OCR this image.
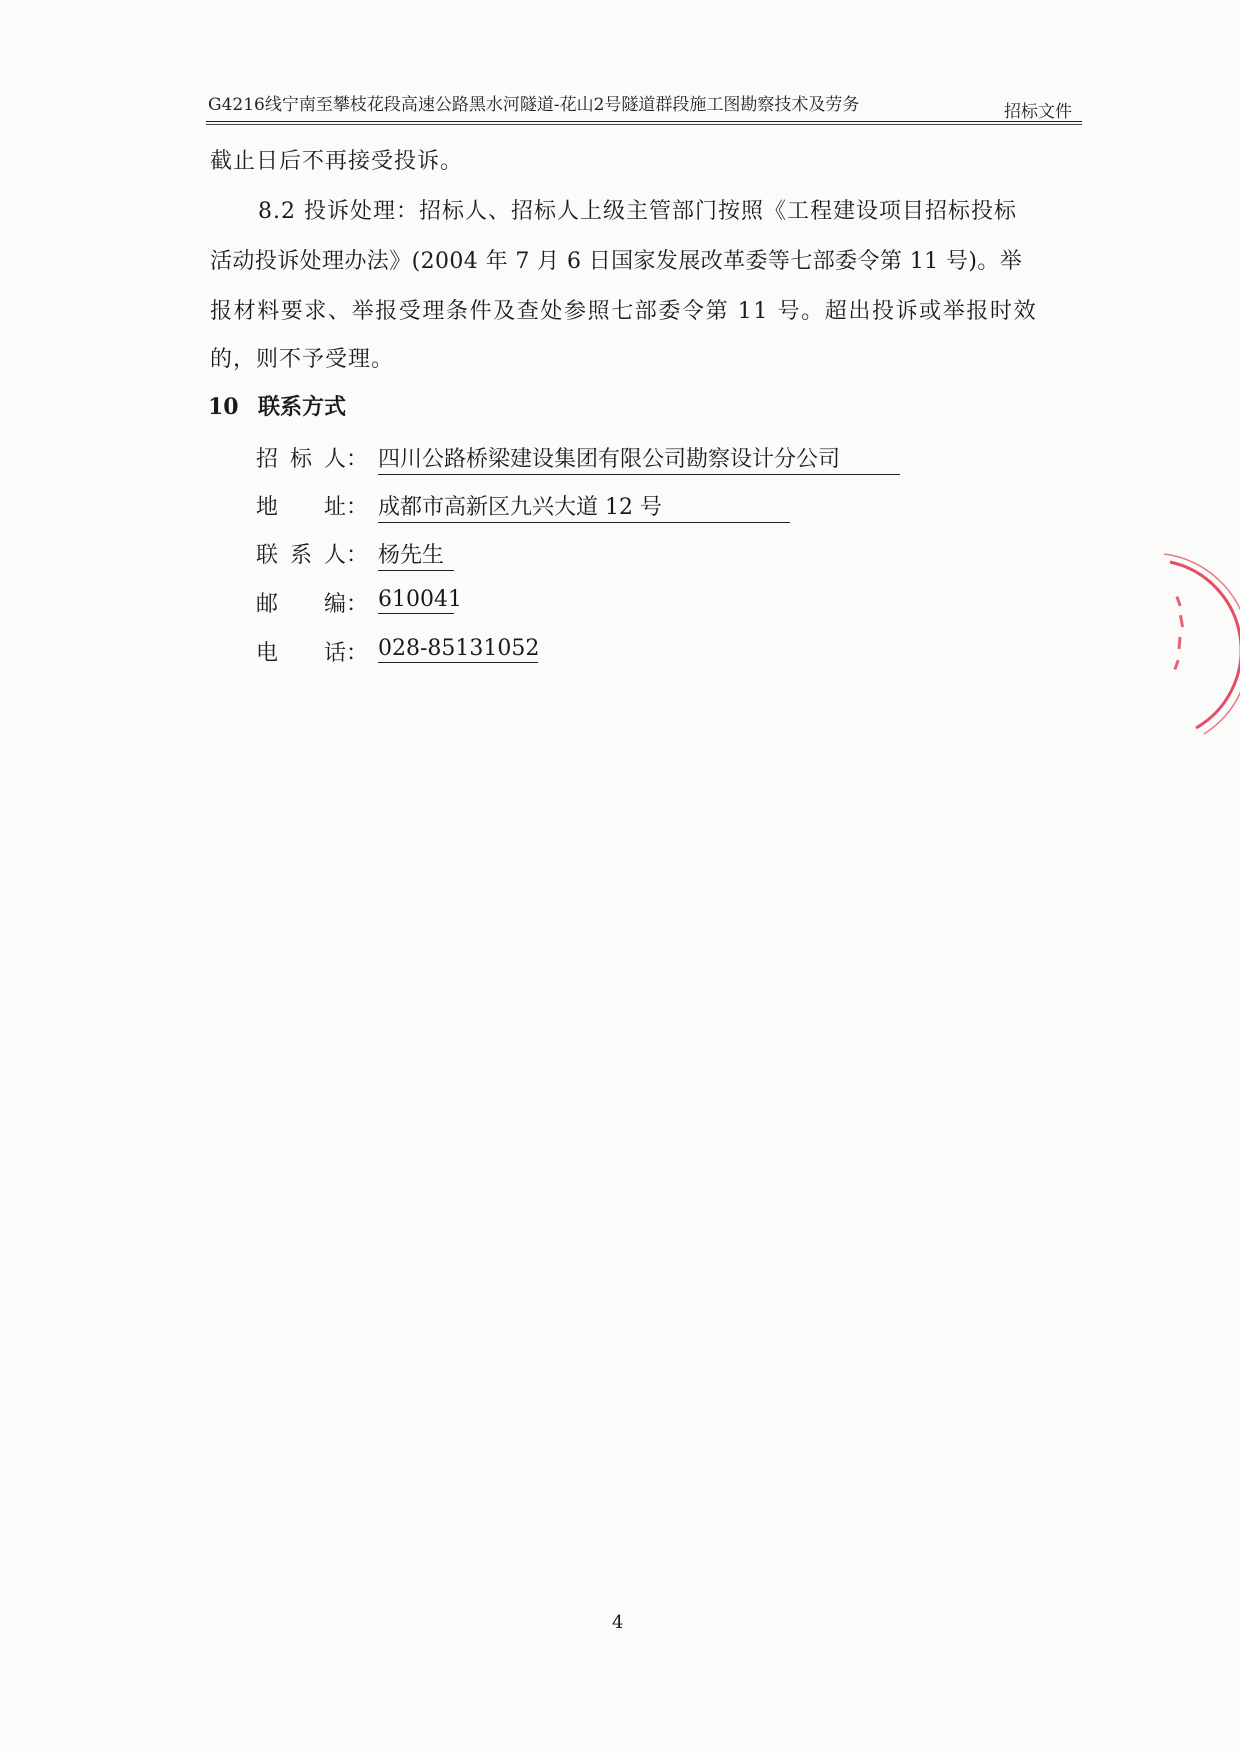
G4216线宁南至攀枝花段高速公路黑水河隧道-花山2号隧道群段施工图勘察技术及劳务	招标文件
截止日后不再接受投诉。
8.2 投诉处理：招标人、招标人上级主管部门按照《工程建设项目招标投标
活动投诉处理办法》(2004 年 7 月 6 日国家发展改革委等七部委令第 11 号)。举
报材料要求、举报受理条件及查处参照七部委令第 11 号。超出投诉或举报时效
的，则不予受理。
10 联系方式
招 标 人： 四川公路桥梁建设集团有限公司勘察设计分公司
地 址： 成都市高新区九兴大道 12 号
联 系 人： 杨先生
邮 编： 610041
电 话： 028-85131052
4
